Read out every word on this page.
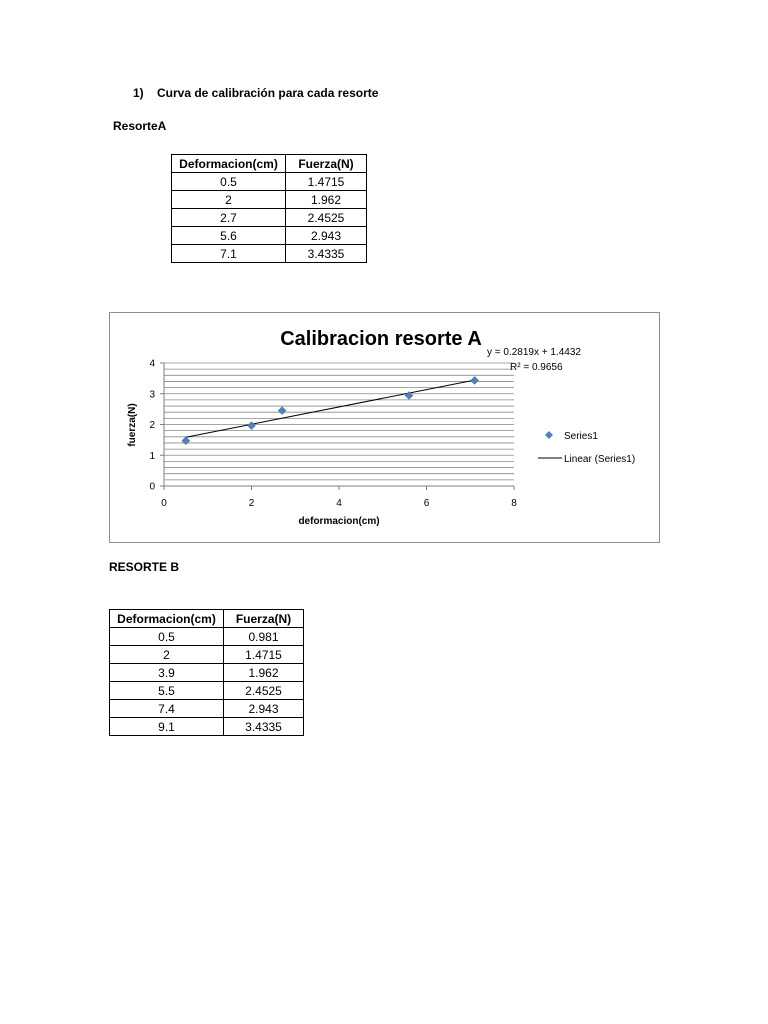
1) Curva de calibración para cada resorte
ResorteA
Deformacion(cm)	Fuerza(N)
0.5	1.4715
2	1.962
2.7	2.4525
5.6	2.943
7.1	3.4335
Calibracion resorte A
0
1
2
3
4
0	2	4	6	8
fuerza(N)
deformacion(cm)
y = 0.2819x + 1.4432
R² = 0.9656
Series1
Linear (Series1)
RESORTE B
Deformacion(cm)	Fuerza(N)
0.5	0.981
2	1.4715
3.9	1.962
5.5	2.4525
7.4	2.943
9.1	3.4335
